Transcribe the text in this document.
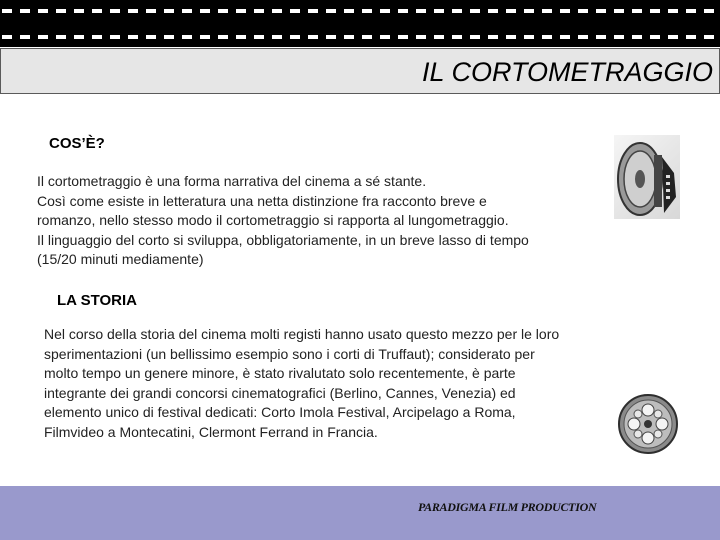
IL CORTOMETRAGGIO
COS’È?
Il cortometraggio è una forma narrativa del cinema a sé stante.
Così come esiste in letteratura una netta distinzione fra racconto breve e
romanzo, nello stesso modo il cortometraggio si rapporta al lungometraggio.
Il linguaggio del corto si sviluppa, obbligatoriamente, in un breve lasso di tempo
(15/20 minuti mediamente)
LA STORIA
Nel corso della storia del cinema molti registi hanno usato questo mezzo per le loro
sperimentazioni (un bellissimo esempio sono i corti di Truffaut); considerato per
molto tempo un genere minore, è stato rivalutato solo recentemente, è parte
integrante dei grandi concorsi cinematografici (Berlino, Cannes, Venezia) ed
elemento unico di festival dedicati: Corto Imola Festival, Arcipelago a Roma,
Filmvideo a Montecatini, Clermont Ferrand in Francia.
PARADIGMA FILM PRODUCTION
